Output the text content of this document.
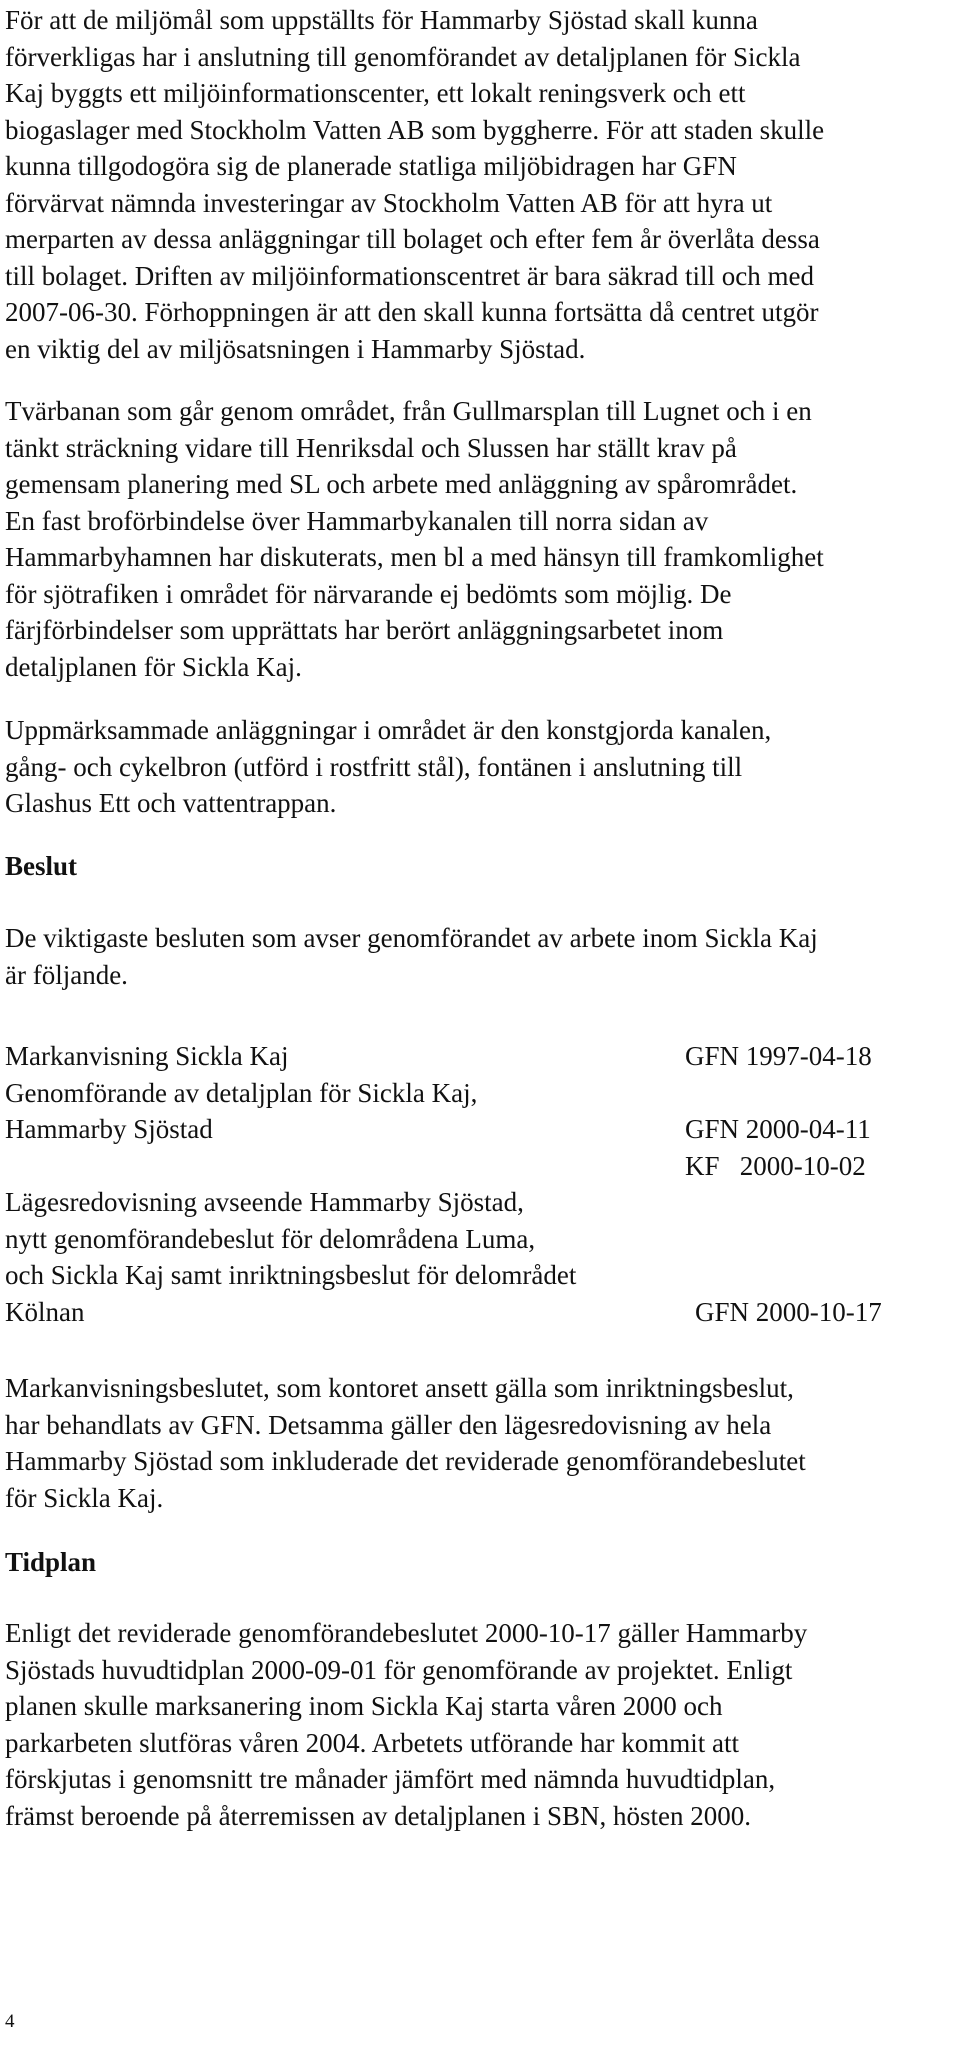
För att de miljömål som uppställts för Hammarby Sjöstad skall kunna
förverkligas har i anslutning till genomförandet av detaljplanen för Sickla
Kaj byggts ett miljöinformationscenter, ett lokalt reningsverk och ett
biogaslager med Stockholm Vatten AB som byggherre. För att staden skulle
kunna tillgodogöra sig de planerade statliga miljöbidragen har GFN
förvärvat nämnda investeringar av Stockholm Vatten AB för att hyra ut
merparten av dessa anläggningar till bolaget och efter fem år överlåta dessa
till bolaget. Driften av miljöinformationscentret är bara säkrad till och med
2007-06-30. Förhoppningen är att den skall kunna fortsätta då centret utgör
en viktig del av miljösatsningen i Hammarby Sjöstad.
Tvärbanan som går genom området, från Gullmarsplan till Lugnet och i en
tänkt sträckning vidare till Henriksdal och Slussen har ställt krav på
gemensam planering med SL och arbete med anläggning av spårområdet.
En fast broförbindelse över Hammarbykanalen till norra sidan av
Hammarbyhamnen har diskuterats, men bl a med hänsyn till framkomlighet
för sjötrafiken i området för närvarande ej bedömts som möjlig. De
färjförbindelser som upprättats har berört anläggningsarbetet inom
detaljplanen för Sickla Kaj.
Uppmärksammade anläggningar i området är den konstgjorda kanalen,
gång- och cykelbron (utförd i rostfritt stål), fontänen i anslutning till
Glashus Ett och vattentrappan.
Beslut
De viktigaste besluten som avser genomförandet av arbete inom Sickla Kaj
är följande.
Markanvisning Sickla Kaj	GFN 1997-04-18
Genomförande av detaljplan för Sickla Kaj,
Hammarby Sjöstad	GFN 2000-04-11
KF   2000-10-02
Lägesredovisning avseende Hammarby Sjöstad,
nytt genomförandebeslut för delområdena Luma,
och Sickla Kaj samt inriktningsbeslut för delområdet
Kölnan	GFN 2000-10-17
Markanvisningsbeslutet, som kontoret ansett gälla som inriktningsbeslut,
har behandlats av GFN. Detsamma gäller den lägesredovisning av hela
Hammarby Sjöstad som inkluderade det reviderade genomförandebeslutet
för Sickla Kaj.
Tidplan
Enligt det reviderade genomförandebeslutet 2000-10-17 gäller Hammarby
Sjöstads huvudtidplan 2000-09-01 för genomförande av projektet. Enligt
planen skulle marksanering inom Sickla Kaj starta våren 2000 och
parkarbeten slutföras våren 2004. Arbetets utförande har kommit att
förskjutas i genomsnitt tre månader jämfört med nämnda huvudtidplan,
främst beroende på återremissen av detaljplanen i SBN, hösten 2000.
4
